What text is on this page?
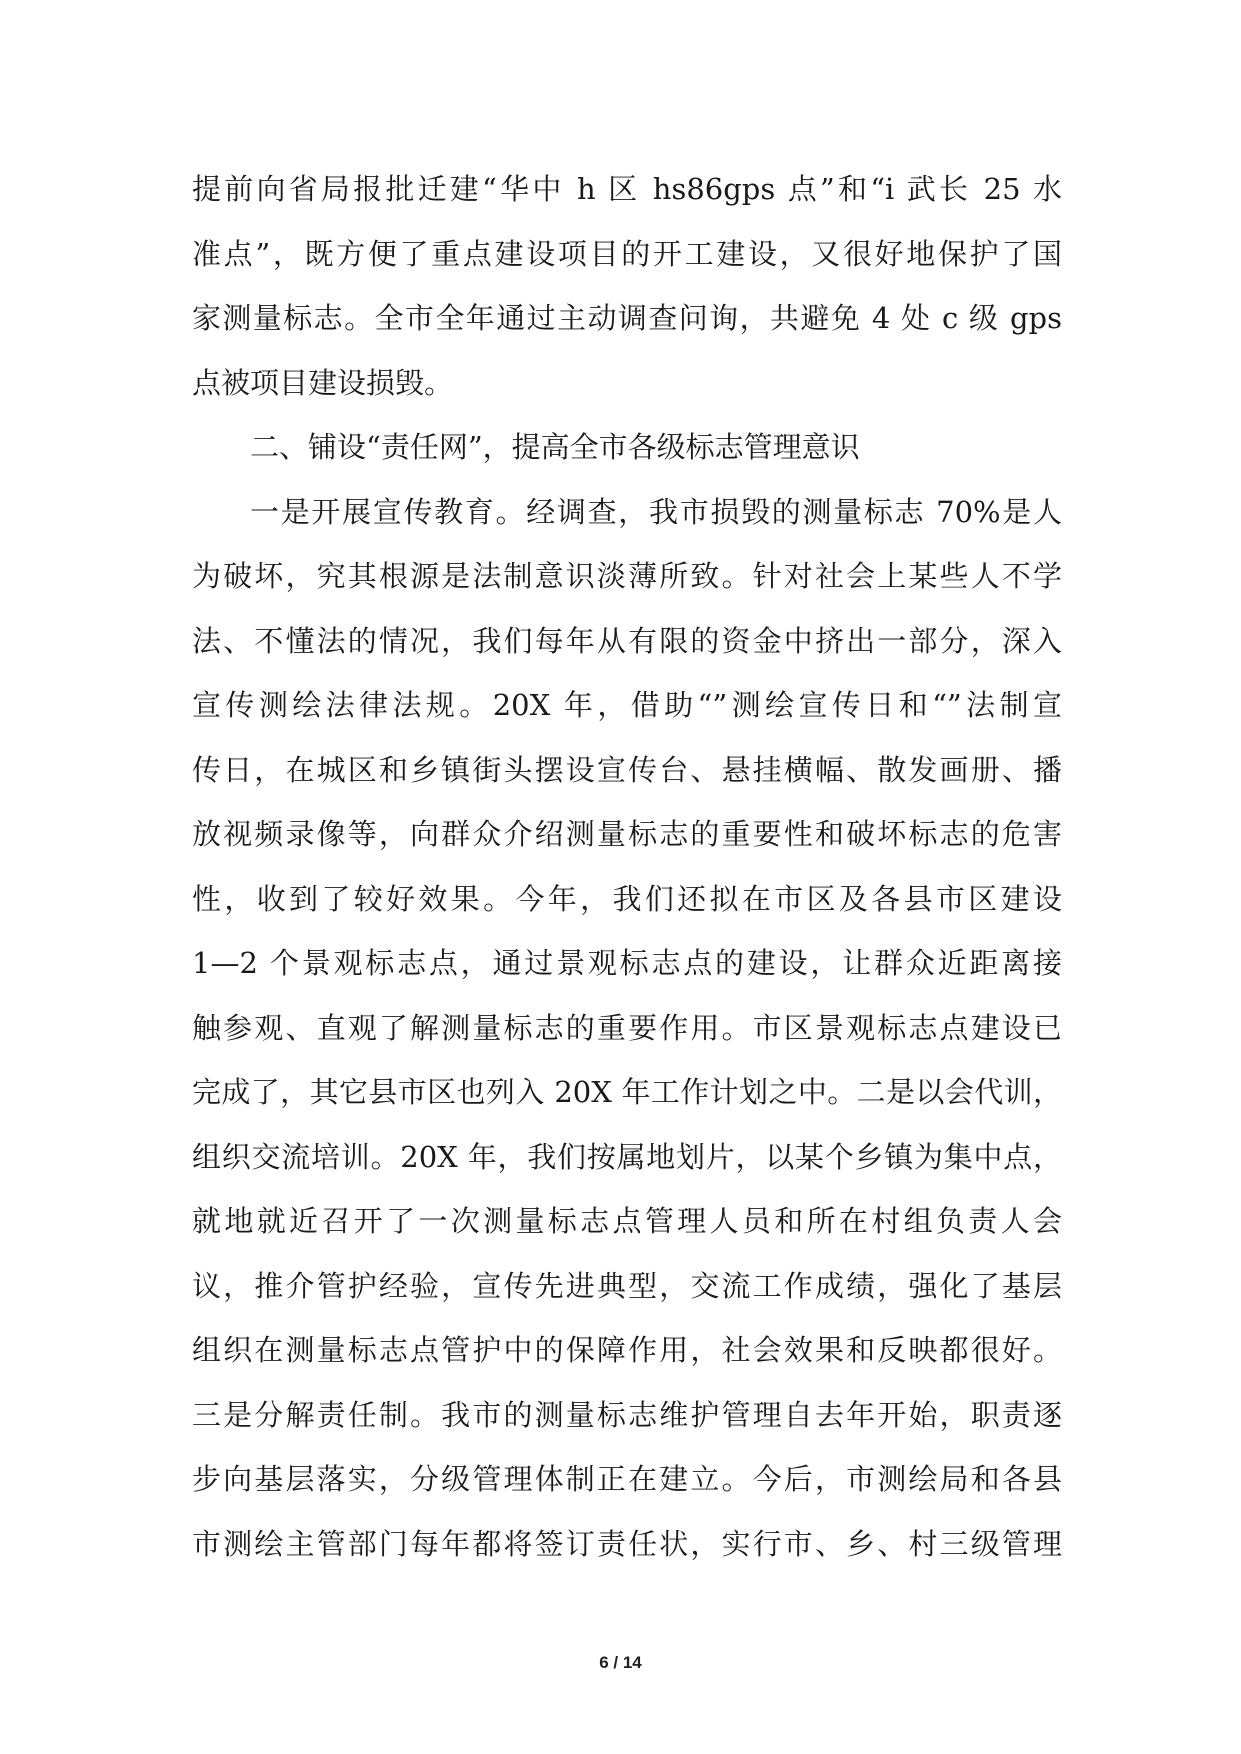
提前向省局报批迁建“华中 h 区 hs86gps 点”和“i 武长 25 水
准点”，既方便了重点建设项目的开工建设，又很好地保护了国
家测量标志。全市全年通过主动调查问询，共避免 4 处 c 级 gps
点被项目建设损毁。
二、铺设“责任网”，提高全市各级标志管理意识
一是开展宣传教育。经调查，我市损毁的测量标志 70%是人
为破坏，究其根源是法制意识淡薄所致。针对社会上某些人不学
法、不懂法的情况，我们每年从有限的资金中挤出一部分，深入
宣传测绘法律法规。20X 年，借助“”测绘宣传日和“”法制宣
传日，在城区和乡镇街头摆设宣传台、悬挂横幅、散发画册、播
放视频录像等，向群众介绍测量标志的重要性和破坏标志的危害
性，收到了较好效果。今年，我们还拟在市区及各县市区建设
1—2 个景观标志点，通过景观标志点的建设，让群众近距离接
触参观、直观了解测量标志的重要作用。市区景观标志点建设已
完成了，其它县市区也列入 20X 年工作计划之中。二是以会代训，
组织交流培训。20X 年，我们按属地划片，以某个乡镇为集中点，
就地就近召开了一次测量标志点管理人员和所在村组负责人会
议，推介管护经验，宣传先进典型，交流工作成绩，强化了基层
组织在测量标志点管护中的保障作用，社会效果和反映都很好。
三是分解责任制。我市的测量标志维护管理自去年开始，职责逐
步向基层落实，分级管理体制正在建立。今后，市测绘局和各县
市测绘主管部门每年都将签订责任状，实行市、乡、村三级管理
6 / 14
